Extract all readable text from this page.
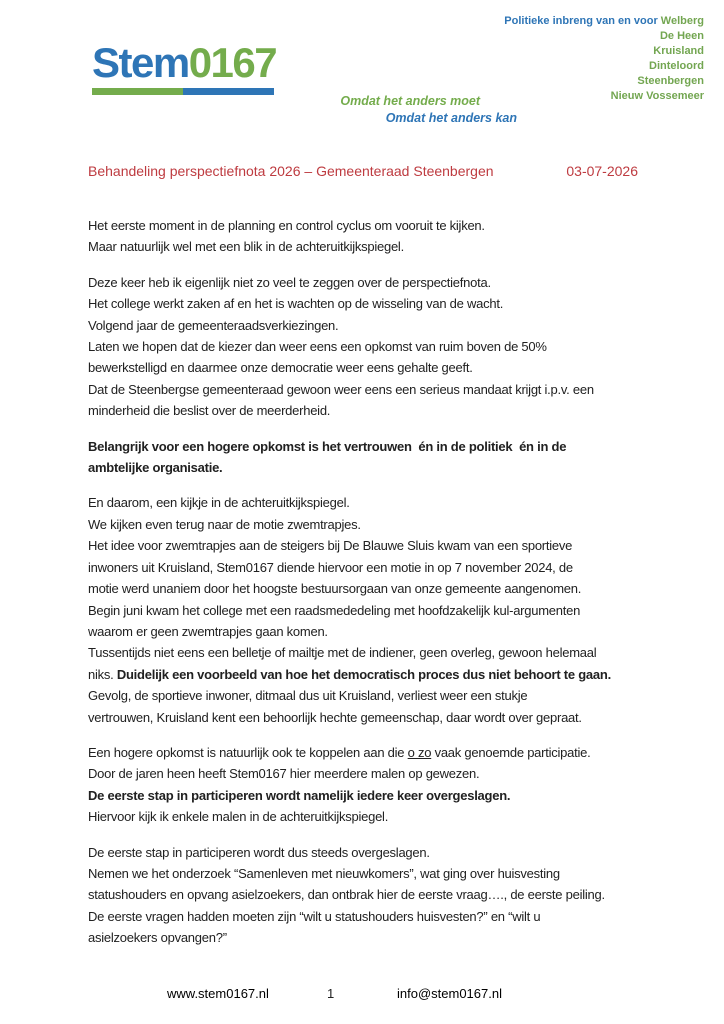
Stem0167
Politieke inbreng van en voor Welberg
De Heen
Kruisland
Dinteloord
Steenbergen
Nieuw Vossemeer
Omdat het anders moet
Omdat het anders kan
Behandeling perspectiefnota 2026 – Gemeenteraad Steenbergen	03-07-2026
Het eerste moment in de planning en control cyclus om vooruit te kijken.
Maar natuurlijk wel met een blik in de achteruitkijkspiegel.
Deze keer heb ik eigenlijk niet zo veel te zeggen over de perspectiefnota.
Het college werkt zaken af en het is wachten op de wisseling van de wacht.
Volgend jaar de gemeenteraadsverkiezingen.
Laten we hopen dat de kiezer dan weer eens een opkomst van ruim boven de 50%
bewerkstelligd en daarmee onze democratie weer eens gehalte geeft.
Dat de Steenbergse gemeenteraad gewoon weer eens een serieus mandaat krijgt i.p.v. een
minderheid die beslist over de meerderheid.
Belangrijk voor een hogere opkomst is het vertrouwen  én in de politiek  én in de
ambtelijke organisatie.
En daarom, een kijkje in de achteruitkijkspiegel.
We kijken even terug naar de motie zwemtrapjes.
Het idee voor zwemtrapjes aan de steigers bij De Blauwe Sluis kwam van een sportieve
inwoners uit Kruisland, Stem0167 diende hiervoor een motie in op 7 november 2024, de
motie werd unaniem door het hoogste bestuursorgaan van onze gemeente aangenomen.
Begin juni kwam het college met een raadsmededeling met hoofdzakelijk kul-argumenten
waarom er geen zwemtrapjes gaan komen.
Tussentijds niet eens een belletje of mailtje met de indiener, geen overleg, gewoon helemaal
niks. Duidelijk een voorbeeld van hoe het democratisch proces dus niet behoort te gaan.
Gevolg, de sportieve inwoner, ditmaal dus uit Kruisland, verliest weer een stukje
vertrouwen, Kruisland kent een behoorlijk hechte gemeenschap, daar wordt over gepraat.
Een hogere opkomst is natuurlijk ook te koppelen aan die o zo vaak genoemde participatie.
Door de jaren heen heeft Stem0167 hier meerdere malen op gewezen.
De eerste stap in participeren wordt namelijk iedere keer overgeslagen.
Hiervoor kijk ik enkele malen in de achteruitkijkspiegel.
De eerste stap in participeren wordt dus steeds overgeslagen.
Nemen we het onderzoek “Samenleven met nieuwkomers”, wat ging over huisvesting
statushouders en opvang asielzoekers, dan ontbrak hier de eerste vraag…., de eerste peiling.
De eerste vragen hadden moeten zijn “wilt u statushouders huisvesten?” en “wilt u
asielzoekers opvangen?”
www.stem0167.nl	1	info@stem0167.nl
